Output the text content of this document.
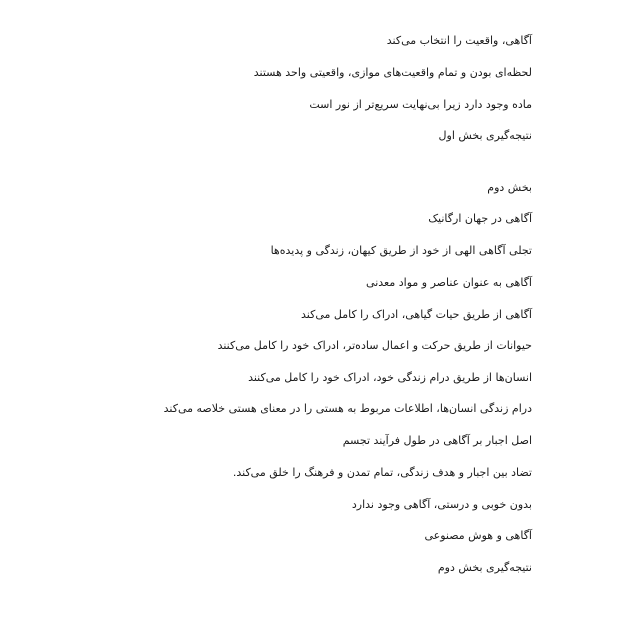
آگاهی، واقعیت را انتخاب می‌کند
لحظه‌ای بودن و تمام واقعیت‌های موازی، واقعیتی واحد هستند
ماده وجود دارد زیرا بی‌نهایت سریع‌تر از نور است
نتیجه‌گیری بخش اول
بخش دوم
آگاهی در جهان ارگانیک
تجلی آگاهی الهی از خود از طریق کیهان، زندگی و پدیده‌ها
آگاهی به عنوان عناصر و مواد معدنی
آگاهی از طریق حیات گیاهی، ادراک را کامل می‌کند
حیوانات از طریق حرکت و اعمال ساده‌تر، ادراک خود را کامل می‌کنند
انسان‌ها از طریق درام زندگی خود، ادراک خود را کامل می‌کنند
درام زندگی انسان‌ها، اطلاعات مربوط به هستی را در معنای هستی خلاصه می‌کند
اصل اجبار بر آگاهی در طول فرآیند تجسم
تضاد بین اجبار و هدف زندگی، تمام تمدن و فرهنگ را خلق می‌کند.
بدون خوبی و درستی، آگاهی وجود ندارد
آگاهی و هوش مصنوعی
نتیجه‌گیری بخش دوم
